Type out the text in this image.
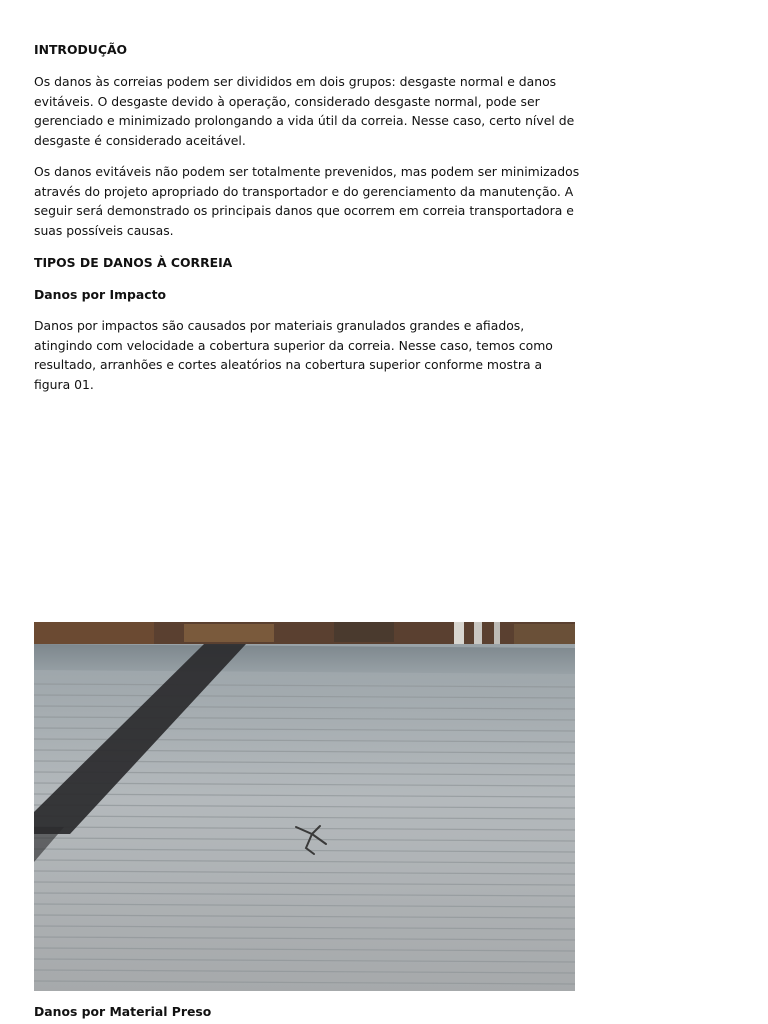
INTRODUÇÃO
Os danos às correias podem ser divididos em dois grupos: desgaste normal e danos evitáveis. O desgaste devido à operação, considerado desgaste normal, pode ser gerenciado e minimizado prolongando a vida útil da correia. Nesse caso, certo nível de desgaste é considerado aceitável.
Os danos evitáveis não podem ser totalmente prevenidos, mas podem ser minimizados através do projeto apropriado do transportador e do gerenciamento da manutenção. A seguir será demonstrado os principais danos que ocorrem em correia transportadora e suas possíveis causas.
TIPOS DE DANOS À CORREIA
Danos por Impacto
Danos por impactos são causados por materiais granulados grandes e afiados, atingindo com velocidade a cobertura superior da correia. Nesse caso, temos como resultado, arranhões e cortes aleatórios na cobertura superior conforme mostra a figura 01.
Danos por Material Preso
